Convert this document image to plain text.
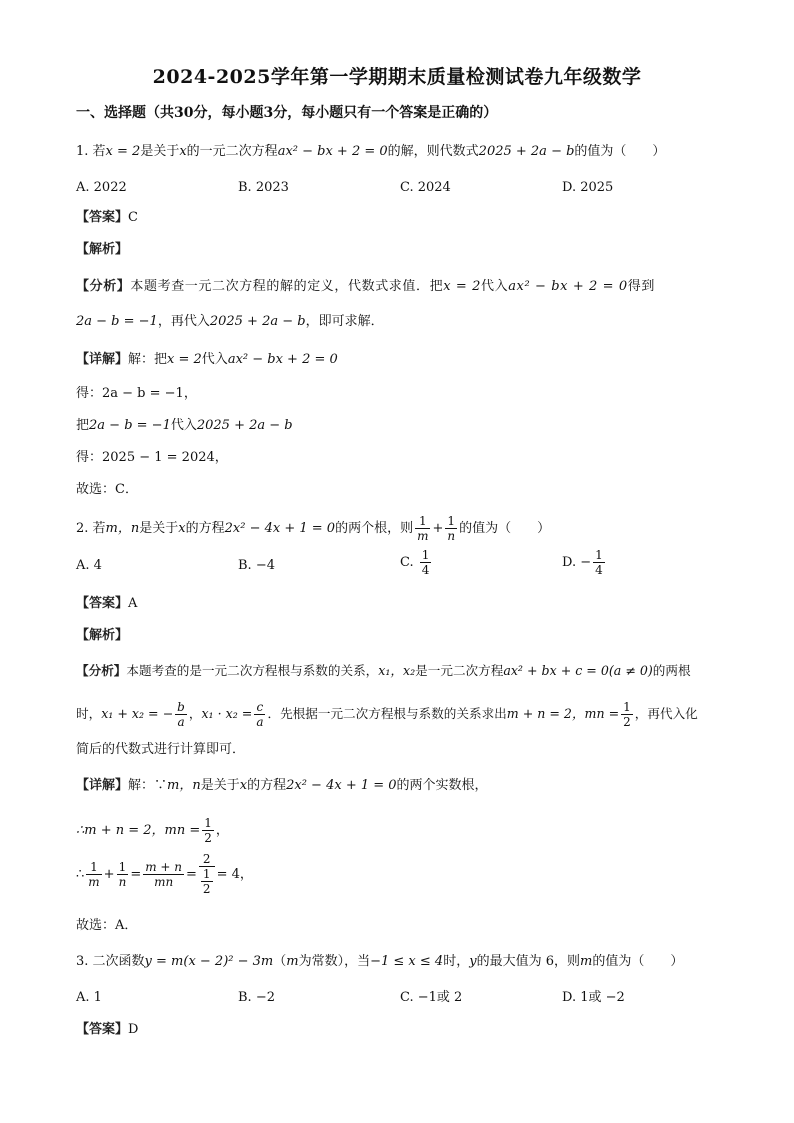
2024-2025学年第一学期期末质量检测试卷九年级数学
一、选择题（共30分，每小题3分，每小题只有一个答案是正确的）
1. 若x = 2是关于x的一元二次方程ax² − bx + 2 = 0的解，则代数式2025 + 2a − b的值为（　　）
A. 2022	B. 2023	C. 2024	D. 2025
【答案】C
【解析】
【分析】本题考查一元二次方程的解的定义，代数式求值．把x = 2代入ax² − bx + 2 = 0得到
2a − b = −1，再代入2025 + 2a − b，即可求解．
【详解】解：把x = 2代入ax² − bx + 2 = 0
得：2a − b = −1，
把2a − b = −1代入2025 + 2a − b
得：2025 − 1 = 2024，
故选：C．
2. 若m，n是关于x的方程2x² − 4x + 1 = 0的两个根，则 $\frac{1}{m} + \frac{1}{n}$ 的值为（　　）
A. 4	B. −4	C. $\frac{1}{4}$	D. − $\frac{1}{4}$
【答案】A
【解析】
【分析】本题考查的是一元二次方程根与系数的关系，x₁，x₂是一元二次方程ax² + bx + c = 0(a ≠ 0)的两根
时，x₁ + x₂ = − $\frac{b}{a}$ ，$x_1 \cdot x_2 = \frac{c}{a}$ ．先根据一元二次方程根与系数的关系求出m + n = 2，mn = $\frac{1}{2}$ ，再代入化
简后的代数式进行计算即可．
【详解】解：∵m，n是关于x的方程2x² − 4x + 1 = 0的两个实数根，
∴m + n = 2，mn = $\frac{1}{2}$ ，
∴ $\frac{1}{m} + \frac{1}{n} = \frac{m + n}{mn} = 2$
1
2 = 4，
故选：A．
3. 二次函数y = m(x − 2)² − 3m（m为常数），当−1 ≤ x ≤ 4时，y的最大值为 6，则m的值为（　　）
A. 1	B. −2	C. −1或 2	D. 1或 −2
【答案】D
